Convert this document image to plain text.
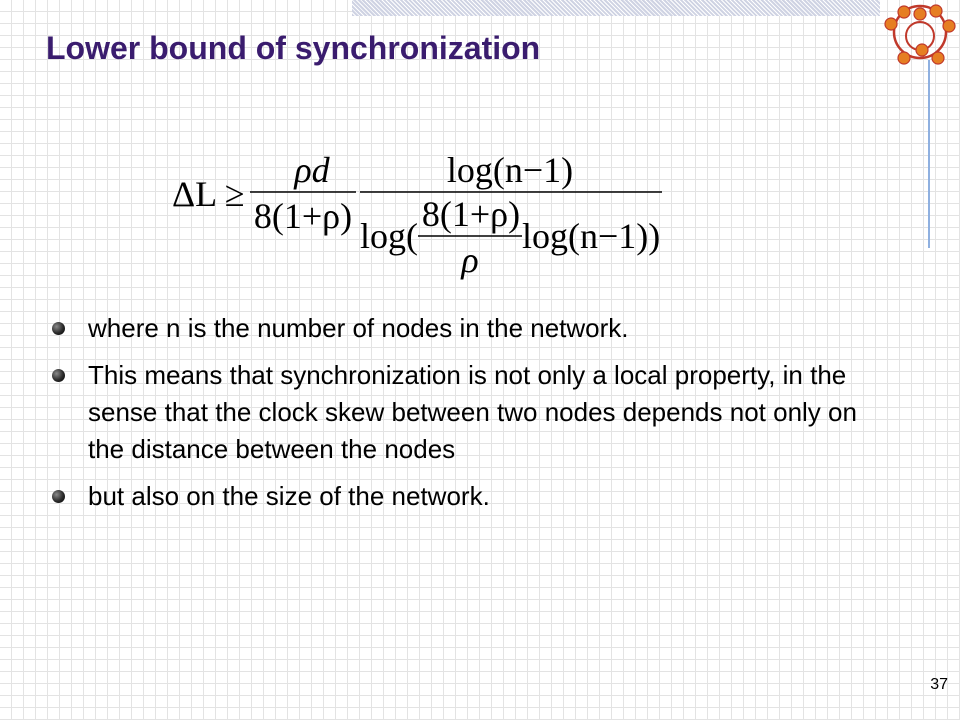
Lower bound of synchronization
ΔL ≥
ρd
8(1+ρ)
log(n−1)
log(
8(1+ρ)
ρ
log(n−1))
where n is the number of nodes in the network.
This means that synchronization is not only a local property, in the sense that the clock skew between two nodes depends not only on the distance between the nodes
but also on the size of the network.
37
